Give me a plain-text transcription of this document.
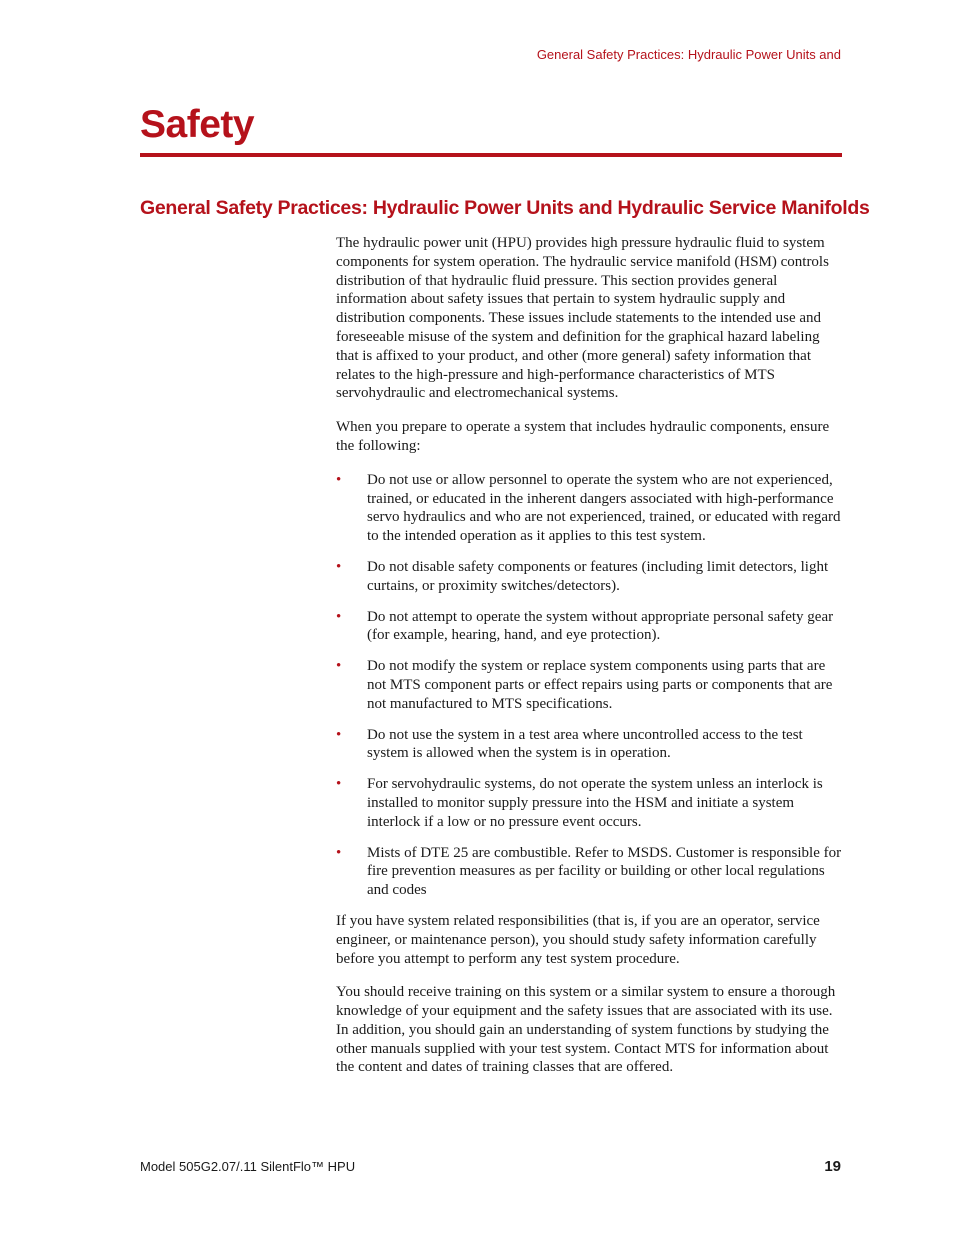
General Safety Practices: Hydraulic Power Units and
Safety
General Safety Practices: Hydraulic Power Units and Hydraulic Service Manifolds

The hydraulic power unit (HPU) provides high pressure hydraulic fluid to system components for system operation. The hydraulic service manifold (HSM) controls distribution of that hydraulic fluid pressure. This section provides general information about safety issues that pertain to system hydraulic supply and distribution components. These issues include statements to the intended use and foreseeable misuse of the system and definition for the graphical hazard labeling that is affixed to your product, and other (more general) safety information that relates to the high-pressure and high-performance characteristics of MTS servohydraulic and electromechanical systems.

When you prepare to operate a system that includes hydraulic components, ensure the following:

• Do not use or allow personnel to operate the system who are not experienced, trained, or educated in the inherent dangers associated with high-performance servo hydraulics and who are not experienced, trained, or educated with regard to the intended operation as it applies to this test system.
• Do not disable safety components or features (including limit detectors, light curtains, or proximity switches/detectors).
• Do not attempt to operate the system without appropriate personal safety gear (for example, hearing, hand, and eye protection).
• Do not modify the system or replace system components using parts that are not MTS component parts or effect repairs using parts or components that are not manufactured to MTS specifications.
• Do not use the system in a test area where uncontrolled access to the test system is allowed when the system is in operation.
• For servohydraulic systems, do not operate the system unless an interlock is installed to monitor supply pressure into the HSM and initiate a system interlock if a low or no pressure event occurs.
• Mists of DTE 25 are combustible. Refer to MSDS. Customer is responsible for fire prevention measures as per facility or building or other local regulations and codes

If you have system related responsibilities (that is, if you are an operator, service engineer, or maintenance person), you should study safety information carefully before you attempt to perform any test system procedure.

You should receive training on this system or a similar system to ensure a thorough knowledge of your equipment and the safety issues that are associated with its use. In addition, you should gain an understanding of system functions by studying the other manuals supplied with your test system. Contact MTS for information about the content and dates of training classes that are offered.

Model 505G2.07/.11 SilentFlo™ HPU	19
